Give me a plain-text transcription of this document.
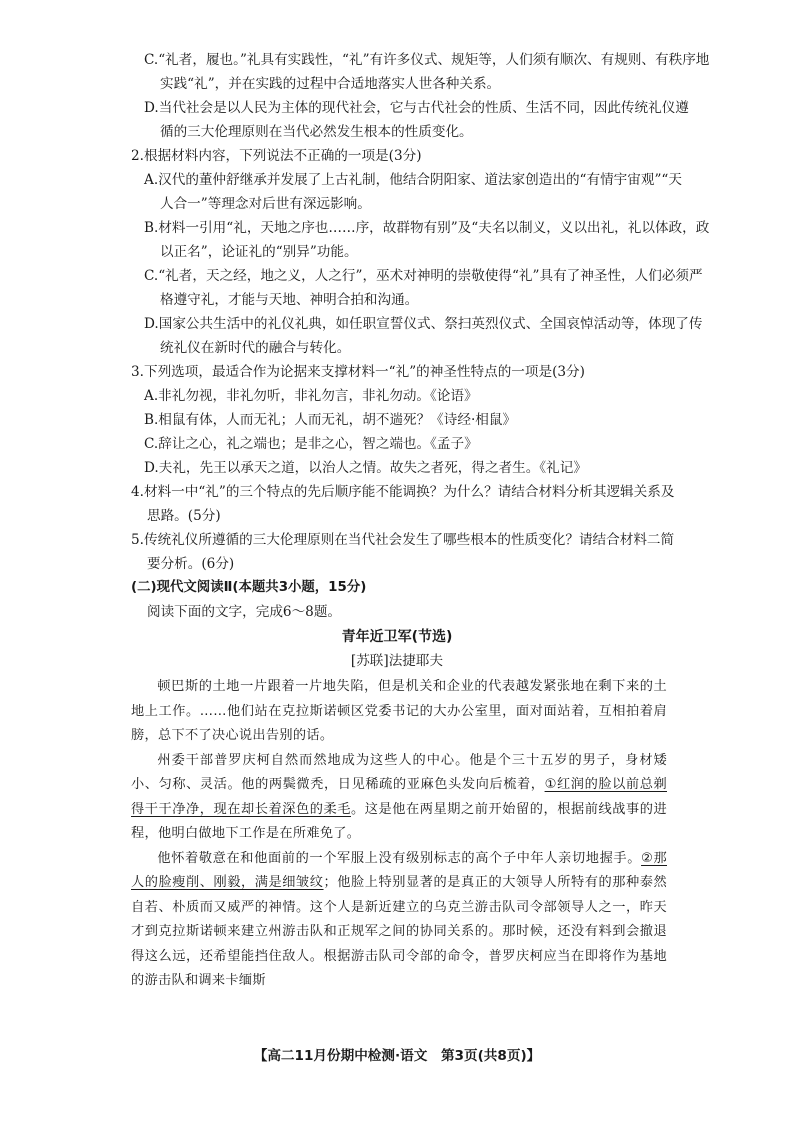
C.“礼者，履也。”礼具有实践性，“礼”有许多仪式、规矩等，人们须有顺次、有规则、有秩序地
实践“礼”，并在实践的过程中合适地落实人世各种关系。
D.当代社会是以人民为主体的现代社会，它与古代社会的性质、生活不同，因此传统礼仪遵
循的三大伦理原则在当代必然发生根本的性质变化。
2.根据材料内容，下列说法不正确的一项是(3分)
A.汉代的董仲舒继承并发展了上古礼制，他结合阴阳家、道法家创造出的“有情宇宙观”“天
人合一”等理念对后世有深远影响。
B.材料一引用“礼，天地之序也……序，故群物有别”及“夫名以制义，义以出礼，礼以体政，政
以正名”，论证礼的“别异”功能。
C.“礼者，天之经，地之义，人之行”，巫术对神明的崇敬使得“礼”具有了神圣性，人们必须严
格遵守礼，才能与天地、神明合拍和沟通。
D.国家公共生活中的礼仪礼典，如任职宣誓仪式、祭扫英烈仪式、全国哀悼活动等，体现了传
统礼仪在新时代的融合与转化。
3.下列选项，最适合作为论据来支撑材料一“礼”的神圣性特点的一项是(3分)
A.非礼勿视，非礼勿听，非礼勿言，非礼勿动。《论语》
B.相鼠有体，人而无礼；人而无礼，胡不遄死？《诗经·相鼠》
C.辞让之心，礼之端也；是非之心，智之端也。《孟子》
D.夫礼，先王以承天之道，以治人之情。故失之者死，得之者生。《礼记》
4.材料一中“礼”的三个特点的先后顺序能不能调换？为什么？请结合材料分析其逻辑关系及
思路。(5分)
5.传统礼仪所遵循的三大伦理原则在当代社会发生了哪些根本的性质变化？请结合材料二简
要分析。(6分)
(二)现代文阅读Ⅱ(本题共3小题，15分)
阅读下面的文字，完成6～8题。
青年近卫军(节选)
[苏联]法捷耶夫
顿巴斯的土地一片跟着一片地失陷，但是机关和企业的代表越发紧张地在剩下来的土地上工作。……他们站在克拉斯诺顿区党委书记的大办公室里，面对面站着，互相拍着肩膀，总下不了决心说出告别的话。
州委干部普罗庆柯自然而然地成为这些人的中心。他是个三十五岁的男子，身材矮小、匀称、灵活。他的两鬓微秃，日见稀疏的亚麻色头发向后梳着，①红润的脸以前总剃得干干净净，现在却长着深色的柔毛。这是他在两星期之前开始留的，根据前线战事的进程，他明白做地下工作是在所难免了。
他怀着敬意在和他面前的一个军服上没有级别标志的高个子中年人亲切地握手。②那人的脸瘦削、刚毅，满是细皱纹；他脸上特别显著的是真正的大领导人所特有的那种泰然自若、朴质而又威严的神情。这个人是新近建立的乌克兰游击队司令部领导人之一，昨天才到克拉斯诺顿来建立州游击队和正规军之间的协同关系的。那时候，还没有料到会撤退得这么远，还希望能挡住敌人。根据游击队司令部的命令，普罗庆柯应当在即将作为基地的游击队和调来卡缅斯
【高二11月份期中检测·语文　第3页(共8页)】
